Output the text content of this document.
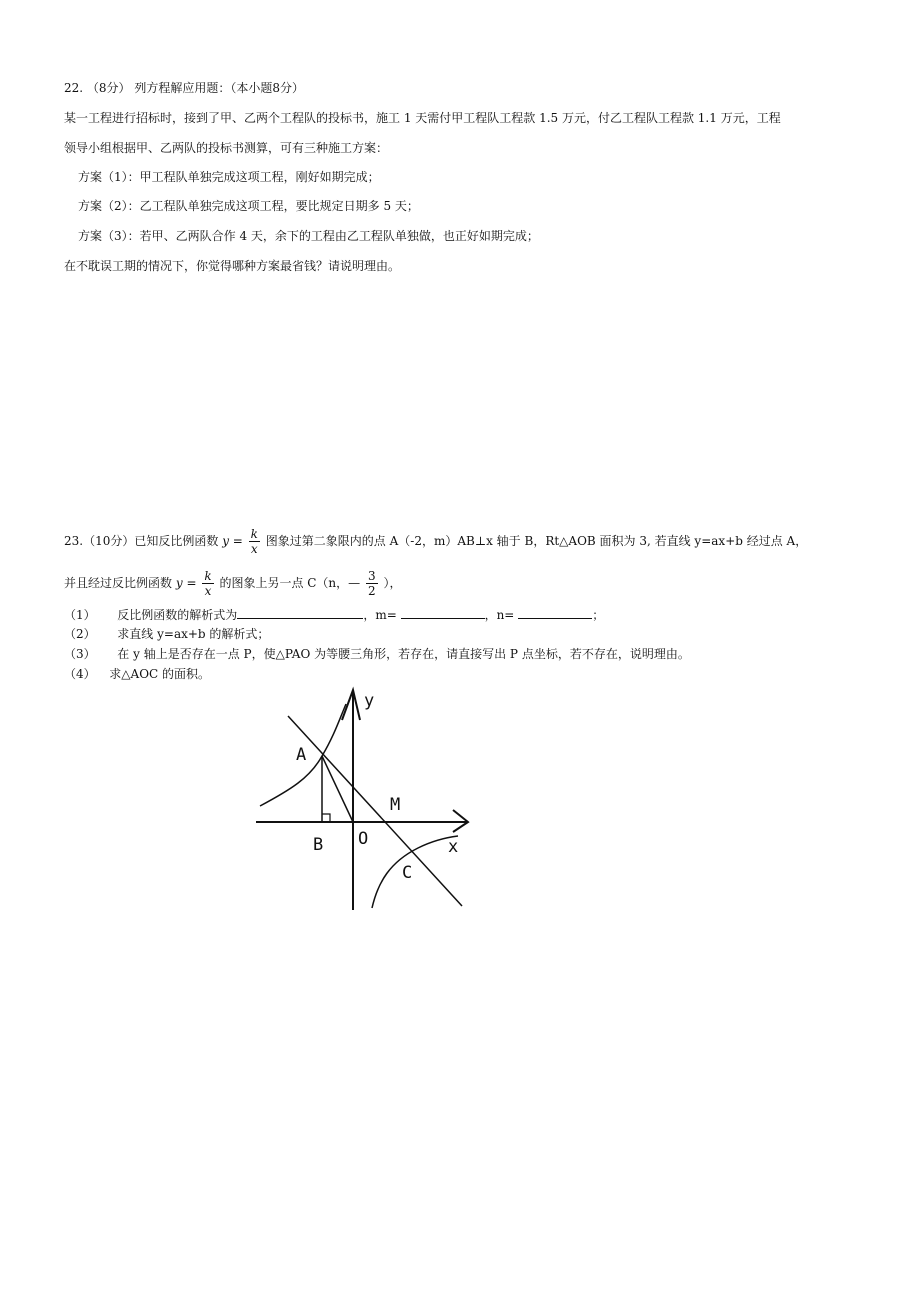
22. （8分） 列方程解应用题：（本小题8分）
某一工程进行招标时，接到了甲、乙两个工程队的投标书，施工 1 天需付甲工程队工程款 1.5 万元，付乙工程队工程款 1.1 万元，工程
领导小组根据甲、乙两队的投标书测算，可有三种施工方案：
方案（1）：甲工程队单独完成这项工程，刚好如期完成；
方案（2）：乙工程队单独完成这项工程，要比规定日期多 5 天；
方案（3）：若甲、乙两队合作 4 天，余下的工程由乙工程队单独做，也正好如期完成；
在不耽误工期的情况下，你觉得哪种方案最省钱？请说明理由。
23.（10分）已知反比例函数 $y = \frac{k}{x}$ 图象过第二象限内的点 A（-2，m）AB⊥x 轴于 B，Rt△AOB 面积为 3, 若直线 y=ax+b 经过点 A，
并且经过反比例函数 $y = \frac{k}{x}$ 的图象上另一点 C（n，— $\frac{3}{2}$ ），
（1） 反比例函数的解析式为	，m=	，n=	；
（2） 求直线 y=ax+b 的解析式；
（3） 在 y 轴上是否存在一点 P，使△PAO 为等腰三角形，若存在，请直接写出 P 点坐标，若不存在，说明理由。
（4） 求△AOC 的面积。
y
x
A
B O
M
C
